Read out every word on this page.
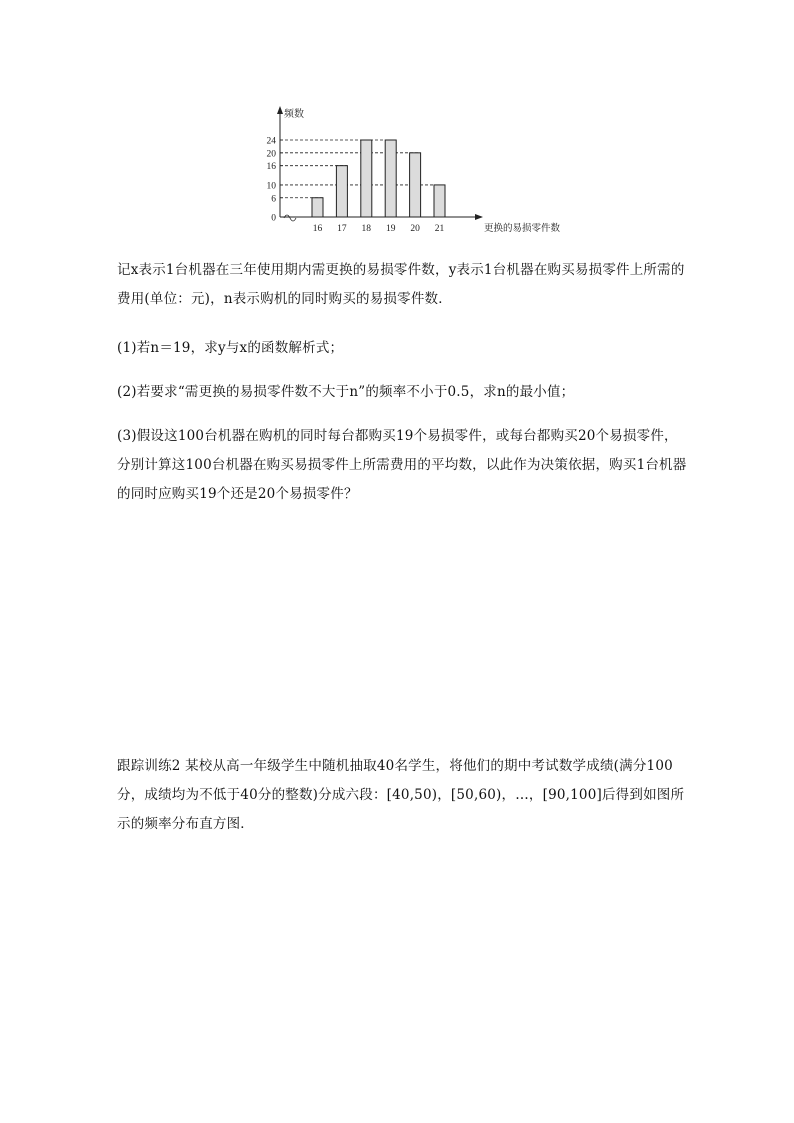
频数
更换的易损零件数
0
6
10
16
20
24
16 17 18 19 20 21

记x表示1台机器在三年使用期内需更换的易损零件数，y表示1台机器在购买易损零件上所需的费用(单位：元)，n表示购机的同时购买的易损零件数．

(1)若n＝19，求y与x的函数解析式；

(2)若要求“需更换的易损零件数不大于n”的频率不小于0.5，求n的最小值；

(3)假设这100台机器在购机的同时每台都购买19个易损零件，或每台都购买20个易损零件，分别计算这100台机器在购买易损零件上所需费用的平均数，以此作为决策依据，购买1台机器的同时应购买19个还是20个易损零件？

跟踪训练2 某校从高一年级学生中随机抽取40名学生，将他们的期中考试数学成绩(满分100分，成绩均为不低于40分的整数)分成六段：[40,50)，[50,60)，…，[90,100]后得到如图所示的频率分布直方图．
